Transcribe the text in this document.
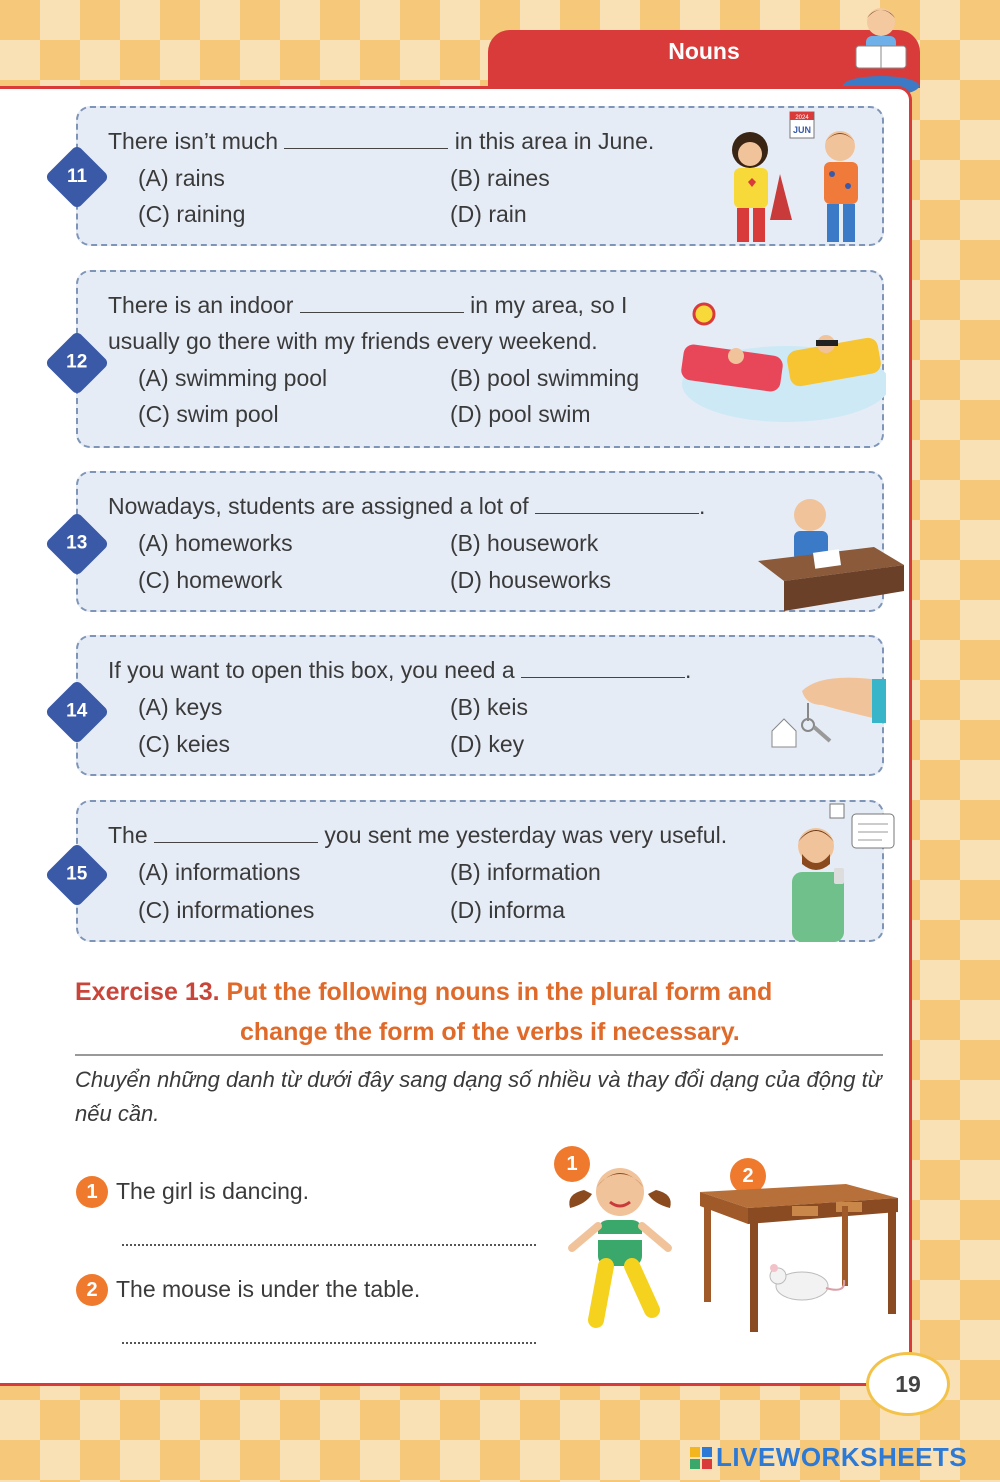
Nouns
11
There isn’t much	in this area in June.
(A) rains	(B) raines
(C) raining	(D) rain
2024
JUN
12
There is an indoor	in my area, so I
usually go there with my friends every weekend.
(A) swimming pool	(B) pool swimming
(C) swim pool	(D) pool swim
13
Nowadays, students are assigned a lot of	.
(A) homeworks	(B) housework
(C) homework	(D) houseworks
14
If you want to open this box, you need a	.
(A) keys	(B) keis
(C) keies	(D) key
15
The	you sent me yesterday was very useful.
(A) informations	(B) information
(C) informationes	(D) informa
Exercise 13. Put the following nouns in the plural form and
change the form of the verbs if necessary.
Chuyển những danh từ dưới đây sang dạng số nhiều và thay đổi dạng của động từ nếu cần.
1 The girl is dancing.
2 The mouse is under the table.
1
2
19
LIVEWORKSHEETS
